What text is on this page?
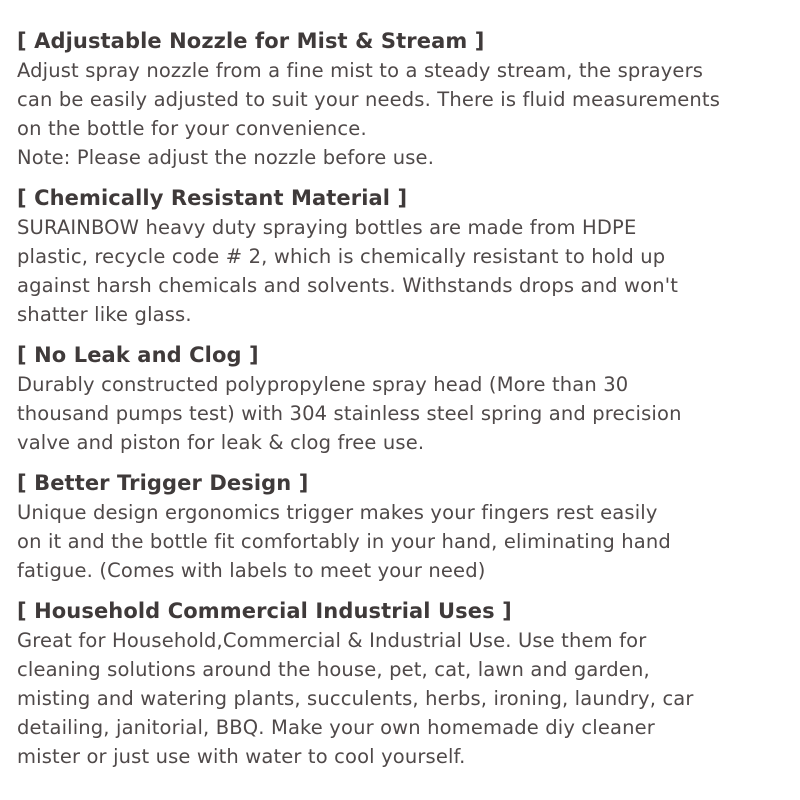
[ Adjustable Nozzle for Mist & Stream ]
Adjust spray nozzle from a fine mist to a steady stream, the sprayers
can be easily adjusted to suit your needs. There is fluid measurements
on the bottle for your convenience.
Note: Please adjust the nozzle before use.
[ Chemically Resistant Material ]
SURAINBOW heavy duty spraying bottles are made from HDPE
plastic, recycle code # 2, which is chemically resistant to hold up
against harsh chemicals and solvents. Withstands drops and won't
shatter like glass.
[ No Leak and Clog ]
Durably constructed polypropylene spray head (More than 30
thousand pumps test) with 304 stainless steel spring and precision
valve and piston for leak & clog free use.
[ Better Trigger Design ]
Unique design ergonomics trigger makes your fingers rest easily
on it and the bottle fit comfortably in your hand, eliminating hand
fatigue. (Comes with labels to meet your need)
[ Household Commercial Industrial Uses ]
Great for Household,Commercial & Industrial Use. Use them for
cleaning solutions around the house, pet, cat, lawn and garden,
misting and watering plants, succulents, herbs, ironing, laundry, car
detailing, janitorial, BBQ. Make your own homemade diy cleaner
mister or just use with water to cool yourself.
